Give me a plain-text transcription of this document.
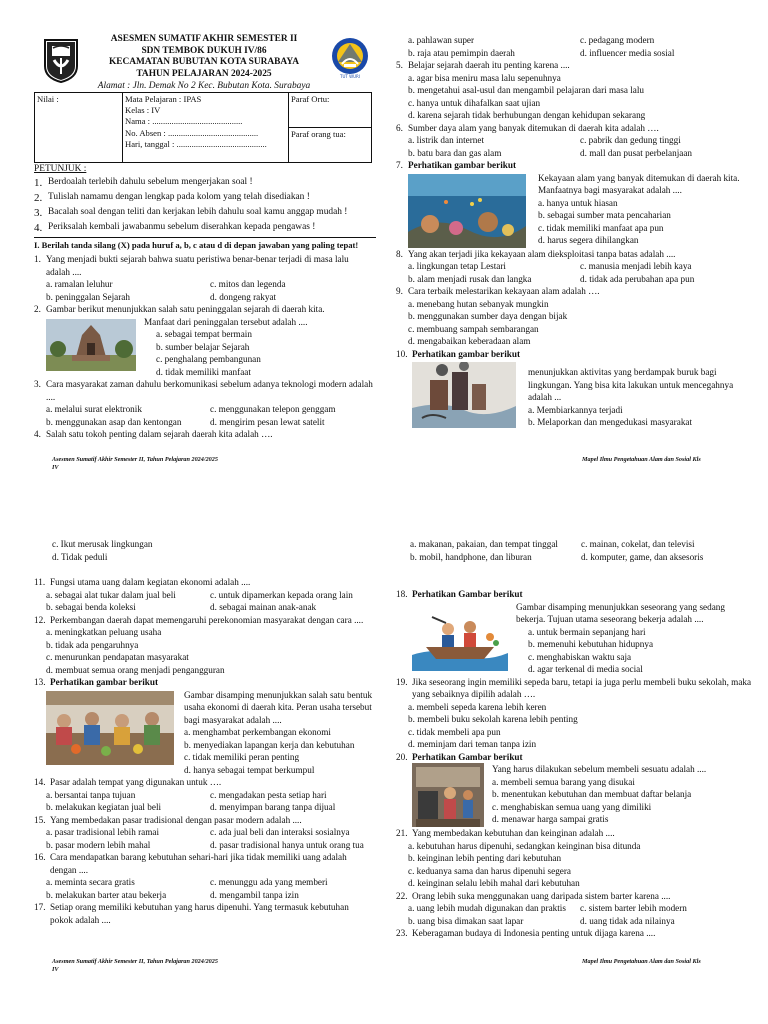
TUT WURI
ASESMEN SUMATIF AKHIR SEMESTER II
SDN TEMBOK DUKUH IV/86
KECAMATAN BUBUTAN KOTA SURABAYA
TAHUN PELAJARAN 2024-2025
Alamat : Jln. Demak No 2 Kec. Bubutan Kota. Surabaya
Nilai :	Mata Pelajaran : IPAS
Kelas : IV
Nama : ..........................................
No. Absen : ..........................................
Hari, tanggal : ..........................................
	Paraf Ortu:
Paraf orang tua:
PETUNJUK :
1. Berdoalah terlebih dahulu sebelum mengerjakan soal !
2. Tulislah namamu dengan lengkap pada kolom yang telah disediakan !
3. Bacalah soal dengan teliti dan kerjakan lebih dahulu soal kamu anggap mudah !
4. Periksalah kembali jawabanmu sebelum diserahkan kepada pengawas !
I. Berilah tanda silang (X) pada huruf a, b, c atau d di depan jawaban yang paling tepat!
1. Yang menjadi bukti sejarah bahwa suatu peristiwa benar-benar terjadi di masa lalu adalah ....
a. ramalan leluhur	c. mitos dan legenda
b. peninggalan Sejarah	d. dongeng rakyat
2. Gambar berikut menunjukkan salah satu peninggalan sejarah di daerah kita.
Manfaat dari peninggalan tersebut adalah ....
a. sebagai tempat bermain
b. sumber belajar Sejarah
c. penghalang pembangunan
d. tidak memiliki manfaat
3. Cara masyarakat zaman dahulu berkomunikasi sebelum adanya teknologi modern adalah ....
a. melalui surat elektronik	c. menggunakan telepon genggam
b. menggunakan asap dan kentongan	d. mengirim pesan lewat satelit
4. Salah satu tokoh penting dalam sejarah daerah kita adalah ….
Asesmen Sumatif Akhir Semester II, Tahun Pelajaran 2024/2025
IV
a. pahlawan super	c. pedagang modern
b. raja atau pemimpin daerah	d. influencer media sosial
5. Belajar sejarah daerah itu penting karena ....
a. agar bisa meniru masa lalu sepenuhnya
b. mengetahui asal-usul dan mengambil pelajaran dari masa lalu
c. hanya untuk dihafalkan saat ujian
d. karena sejarah tidak berhubungan dengan kehidupan sekarang
6. Sumber daya alam yang banyak ditemukan di daerah kita adalah ….
a. listrik dan internet	c. pabrik dan gedung tinggi
b. batu bara dan gas alam	d. mall dan pusat perbelanjaan
7. Perhatikan gambar berikut
Kekayaan alam yang banyak ditemukan di daerah kita. Manfaatnya bagi masyarakat adalah ....
a. hanya untuk hiasan
b. sebagai sumber mata pencaharian
c. tidak memiliki manfaat apa pun
d. harus segera dihilangkan
8. Yang akan terjadi jika kekayaan alam dieksploitasi tanpa batas adalah ....
a. lingkungan tetap Lestari	c. manusia menjadi lebih kaya
b. alam menjadi rusak dan langka	d. tidak ada perubahan apa pun
9. Cara terbaik melestarikan kekayaan alam adalah ….
a. menebang hutan sebanyak mungkin
b. menggunakan sumber daya dengan bijak
c. membuang sampah sembarangan
d. mengabaikan keberadaan alam
10. Perhatikan gambar berikut
menunjukkan aktivitas yang berdampak buruk bagi lingkungan. Yang bisa kita lakukan untuk mencegahnya adalah ...
a. Membiarkannya terjadi
b. Melaporkan dan mengedukasi masyarakat
Mapel Ilmu Pengetahuan Alam dan Sosial Kls
c. Ikut merusak lingkungan
d. Tidak peduli
11. Fungsi utama uang dalam kegiatan ekonomi adalah ....
a. sebagai alat tukar dalam jual beli	c. untuk dipamerkan kepada orang lain
b. sebagai benda koleksi	d. sebagai mainan anak-anak
12. Perkembangan daerah dapat memengaruhi perekonomian masyarakat dengan cara ....
a. meningkatkan peluang usaha
b. tidak ada pengaruhnya
c. menurunkan pendapatan masyarakat
d. membuat semua orang menjadi pengangguran
13. Perhatikan gambar berikut
Gambar disamping menunjukkan salah satu bentuk usaha ekonomi di daerah kita. Peran usaha tersebut bagi masyarakat adalah ....
a. menghambat perkembangan ekonomi
b. menyediakan lapangan kerja dan kebutuhan
c. tidak memiliki peran penting
d. hanya sebagai tempat berkumpul
14. Pasar adalah tempat yang digunakan untuk ….
a. bersantai tanpa tujuan	c. mengadakan pesta setiap hari
b. melakukan kegiatan jual beli	d. menyimpan barang tanpa dijual
15. Yang membedakan pasar tradisional dengan pasar modern adalah ....
a. pasar tradisional lebih ramai	c. ada jual beli dan interaksi sosialnya
b. pasar modern lebih mahal	d. pasar tradisional hanya untuk orang tua
16. Cara mendapatkan barang kebutuhan sehari-hari jika tidak memiliki uang adalah dengan ....
a. meminta secara gratis	c. menunggu ada yang memberi
b. melakukan barter atau bekerja	d. mengambil tanpa izin
17. Setiap orang memiliki kebutuhan yang harus dipenuhi. Yang termasuk kebutuhan pokok adalah ....
Asesmen Sumatif Akhir Semester II, Tahun Pelajaran 2024/2025
IV
a. makanan, pakaian, dan tempat tinggal	c. mainan, cokelat, dan televisi
b. mobil, handphone, dan liburan	d. komputer, game, dan aksesoris
18. Perhatikan Gambar berikut
Gambar disamping menunjukkan seseorang yang sedang bekerja. Tujuan utama seseorang bekerja adalah ....
a. untuk bermain sepanjang hari
b. memenuhi kebutuhan hidupnya
c. menghabiskan waktu saja
d. agar terkenal di media social
19. Jika seseorang ingin memiliki sepeda baru, tetapi ia juga perlu membeli buku sekolah, maka yang sebaiknya dipilih adalah ….
a. membeli sepeda karena lebih keren
b. membeli buku sekolah karena lebih penting
c. tidak membeli apa pun
d. meminjam dari teman tanpa izin
20. Perhatikan Gambar berikut
Yang harus dilakukan sebelum membeli sesuatu adalah ....
a. membeli semua barang yang disukai
b. menentukan kebutuhan dan membuat daftar belanja
c. menghabiskan semua uang yang dimiliki
d. menawar harga sampai gratis
21. Yang membedakan kebutuhan dan keinginan adalah ....
a. kebutuhan harus dipenuhi, sedangkan keinginan bisa ditunda
b. keinginan lebih penting dari kebutuhan
c. keduanya sama dan harus dipenuhi segera
d. keinginan selalu lebih mahal dari kebutuhan
22. Orang lebih suka menggunakan uang daripada sistem barter karena ....
a. uang lebih mudah digunakan dan praktis	c. sistem barter lebih modern
b. uang bisa dimakan saat lapar	d. uang tidak ada nilainya
23. Keberagaman budaya di Indonesia penting untuk dijaga karena ....
Mapel Ilmu Pengetahuan Alam dan Sosial Kls
